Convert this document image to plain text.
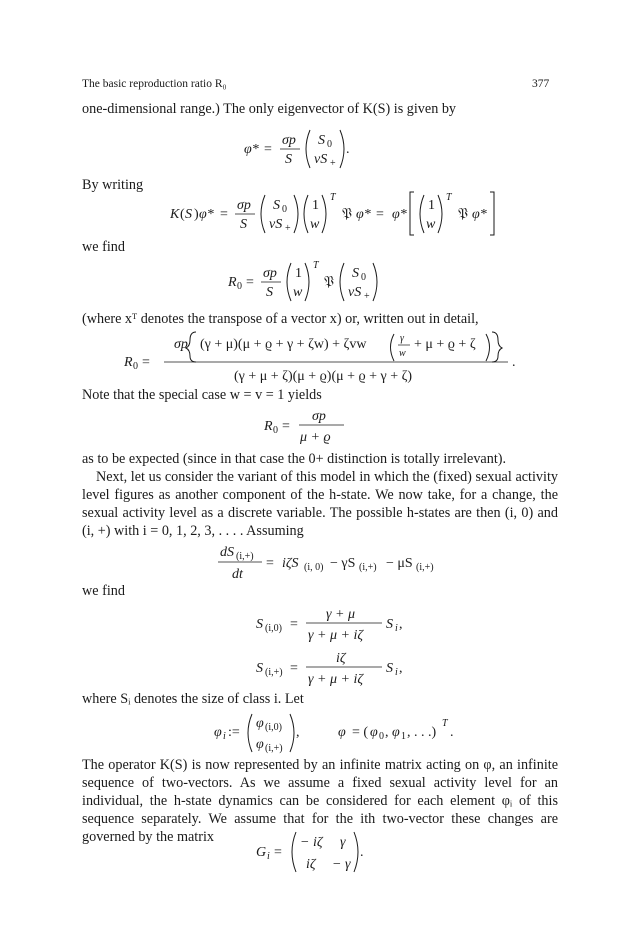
The basic reproduction ratio R₀	377

one-dimensional range.) The only eigenvector of K(S) is given by

φ* =
σp
S
S 0
vS +
.
By writing
K ( S ) φ* =
σp
S
S 0
vS +
1
w
T
𝔓 φ* = φ*
1
w
T
𝔓 φ*
we find
R 0 =
σp
S
1
w
T
𝔓
S 0
vS +
(where xᵀ denotes the transpose of a vector x) or, written out in detail,
R 0 =
σp (γ + μ)(μ + ϱ + γ + ζw) + ζvw	γ
w
+ μ + ϱ + ζ
(γ + μ + ζ)(μ + ϱ)(μ + ϱ + γ + ζ)
.
Note that the special case w = v = 1 yields
R 0 =
σp
μ + ϱ
as to be expected (since in that case the 0+ distinction is totally irrelevant).

Next, let us consider the variant of this model in which the (fixed) sexual activity level figures as another component of the h-state. We now take, for a change, the sexual activity level as a discrete variable. The possible h-states are then (i, 0) and (i, +) with i = 0, 1, 2, 3, . . . . Assuming

dS (i,+)
dt
= iζS (i, 0) − γS (i,+) − μS (i,+)
we find
S (i,0) =
γ + μ
γ + μ + iζ
S i ,
S (i,+) =
iζ
γ + μ + iζ
S i ,
where Sᵢ denotes the size of class i. Let
φ i :=
φ (i,0)
φ (i,+)
,	φ = ( φ 0 , φ 1 , . . .)
T
.

The operator K(S) is now represented by an infinite matrix acting on φ, an infinite sequence of two-vectors. As we assume a fixed sexual activity level for an individual, the h-state dynamics can be considered for each element φᵢ of this sequence separately. We assume that for the ith two-vector these changes are governed by the matrix

G i =
− iζ γ
iζ − γ
.
